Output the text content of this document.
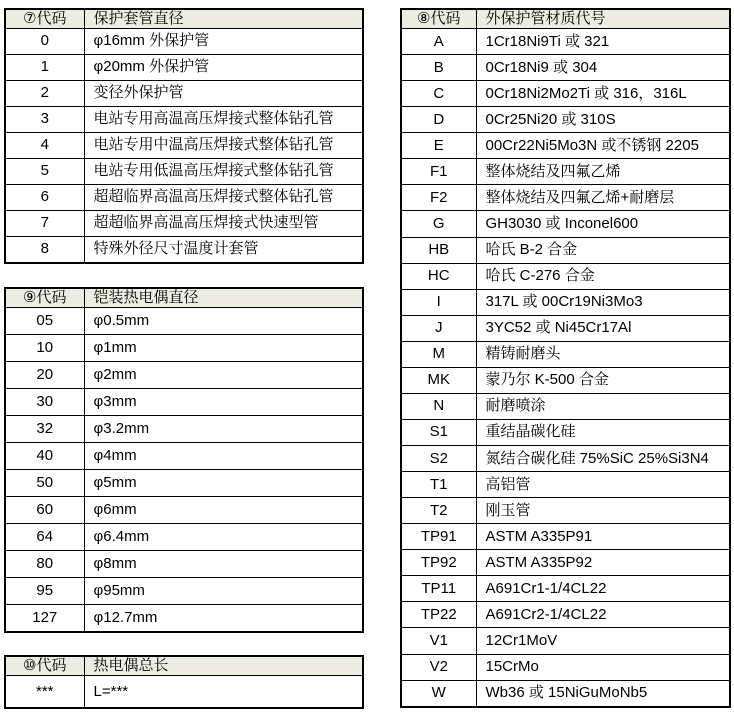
⑦代码	保护套管直径
0	φ16mm 外保护管
1	φ20mm 外保护管
2	变径外保护管
3	电站专用高温高压焊接式整体钻孔管
4	电站专用中温高压焊接式整体钻孔管
5	电站专用低温高压焊接式整体钻孔管
6	超超临界高温高压焊接式整体钻孔管
7	超超临界高温高压焊接式快速型管
8	特殊外径尺寸温度计套管
⑨代码	铠装热电偶直径
05	φ0.5mm
10	φ1mm
20	φ2mm
30	φ3mm
32	φ3.2mm
40	φ4mm
50	φ5mm
60	φ6mm
64	φ6.4mm
80	φ8mm
95	φ95mm
127	φ12.7mm
⑩代码	热电偶总长
***	L=***
⑧代码	外保护管材质代号
A	1Cr18Ni9Ti 或 321
B	0Cr18Ni9 或 304
C	0Cr18Ni2Mo2Ti 或 316，316L
D	0Cr25Ni20 或 310S
E	00Cr22Ni5Mo3N 或不锈钢 2205
F1	整体烧结及四氟乙烯
F2	整体烧结及四氟乙烯+耐磨层
G	GH3030 或 Inconel600
HB	哈氏 B-2 合金
HC	哈氏 C-276 合金
I	317L 或 00Cr19Ni3Mo3
J	3YC52 或 Ni45Cr17Al
M	精铸耐磨头
MK	蒙乃尔 K-500 合金
N	耐磨喷涂
S1	重结晶碳化硅
S2	氮结合碳化硅 75%SiC 25%Si3N4
T1	高铝管
T2	刚玉管
TP91	ASTM A335P91
TP92	ASTM A335P92
TP11	A691Cr1-1/4CL22
TP22	A691Cr2-1/4CL22
V1	12Cr1MoV
V2	15CrMo
W	Wb36 或 15NiGuMoNb5
